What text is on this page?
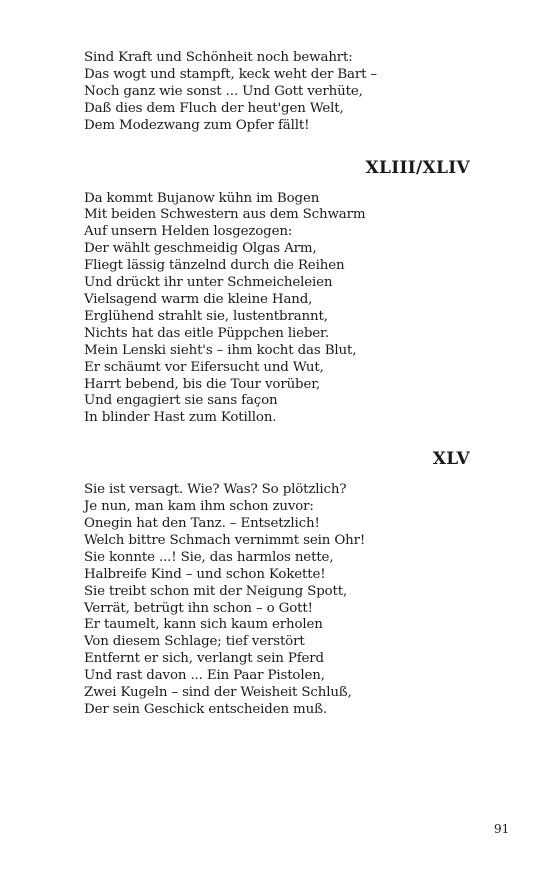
Sind Kraft und Schönheit noch bewahrt:
Das wogt und stampft, keck weht der Bart –
Noch ganz wie sonst ... Und Gott verhüte,
Daß dies dem Fluch der heut'gen Welt,
Dem Modezwang zum Opfer fällt!
XLIII/XLIV
Da kommt Bujanow kühn im Bogen
Mit beiden Schwestern aus dem Schwarm
Auf unsern Helden losgezogen:
Der wählt geschmeidig Olgas Arm,
Fliegt lässig tänzelnd durch die Reihen
Und drückt ihr unter Schmeicheleien
Vielsagend warm die kleine Hand,
Erglühend strahlt sie, lustentbrannt,
Nichts hat das eitle Püppchen lieber.
Mein Lenski sieht's – ihm kocht das Blut,
Er schäumt vor Eifersucht und Wut,
Harrt bebend, bis die Tour vorüber,
Und engagiert sie sans façon
In blinder Hast zum Kotillon.
XLV
Sie ist versagt. Wie? Was? So plötzlich?
Je nun, man kam ihm schon zuvor:
Onegin hat den Tanz. – Entsetzlich!
Welch bittre Schmach vernimmt sein Ohr!
Sie konnte ...! Sie, das harmlos nette,
Halbreife Kind – und schon Kokette!
Sie treibt schon mit der Neigung Spott,
Verrät, betrügt ihn schon – o Gott!
Er taumelt, kann sich kaum erholen
Von diesem Schlage; tief verstört
Entfernt er sich, verlangt sein Pferd
Und rast davon ... Ein Paar Pistolen,
Zwei Kugeln – sind der Weisheit Schluß,
Der sein Geschick entscheiden muß.
91
